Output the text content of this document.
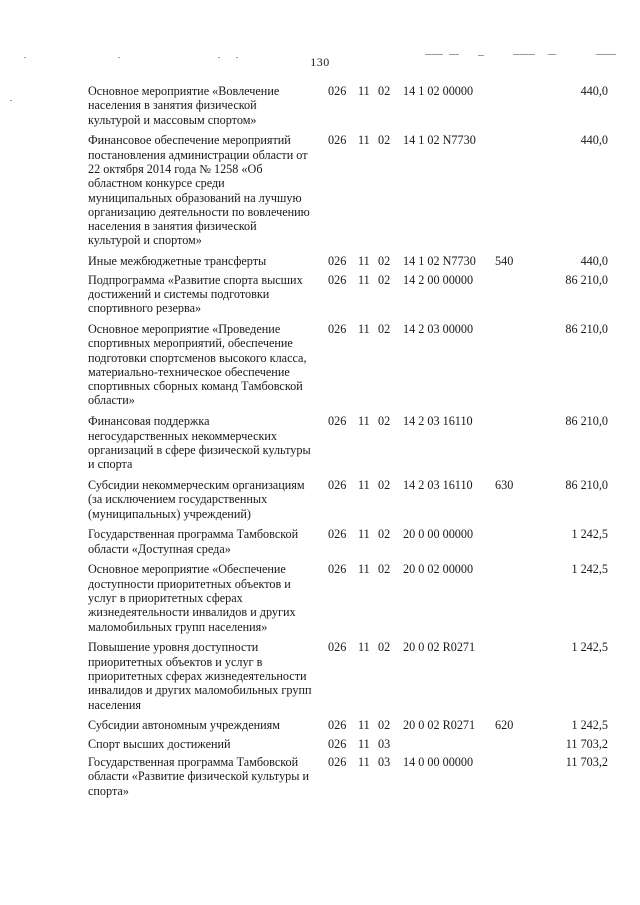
130
Основное мероприятие «Вовлечение населения в занятия физической культурой и массовым спортом»
026 11 02 14 1 02 00000	440,0
Финансовое обеспечение мероприятий постановления администрации области от 22 октября 2014 года № 1258 «Об областном конкурсе среди муниципальных образований на лучшую организацию деятельности по вовлечению населения в занятия физической культурой и спортом»
026 11 02 14 1 02 N7730	440,0
Иные межбюджетные трансферты	026 11 02 14 1 02 N7730 540	440,0
Подпрограмма «Развитие спорта высших достижений и системы подготовки спортивного резерва»
026 11 02 14 2 00 00000	86 210,0
Основное мероприятие «Проведение спортивных мероприятий, обеспечение подготовки спортсменов высокого класса, материально-техническое обеспечение спортивных сборных команд Тамбовской области»
026 11 02 14 2 03 00000	86 210,0
Финансовая поддержка негосударственных некоммерческих организаций в сфере физической культуры и спорта
026 11 02 14 2 03 16110	86 210,0
Субсидии некоммерческим организациям (за исключением государственных (муниципальных) учреждений)
026 11 02 14 2 03 16110 630	86 210,0
Государственная программа Тамбовской области «Доступная среда»
026 11 02 20 0 00 00000	1 242,5
Основное мероприятие «Обеспечение доступности приоритетных объектов и услуг в приоритетных сферах жизнедеятельности инвалидов и других маломобильных групп населения»
026 11 02 20 0 02 00000	1 242,5
Повышение уровня доступности приоритетных объектов и услуг в приоритетных сферах жизнедеятельности инвалидов и других маломобильных групп населения
026 11 02 20 0 02 R0271	1 242,5
Субсидии автономным учреждениям	026 11 02 20 0 02 R0271 620	1 242,5
Спорт высших достижений	026 11 03	11 703,2
Государственная программа Тамбовской области «Развитие физической культуры и спорта»
026 11 03 14 0 00 00000	11 703,2
